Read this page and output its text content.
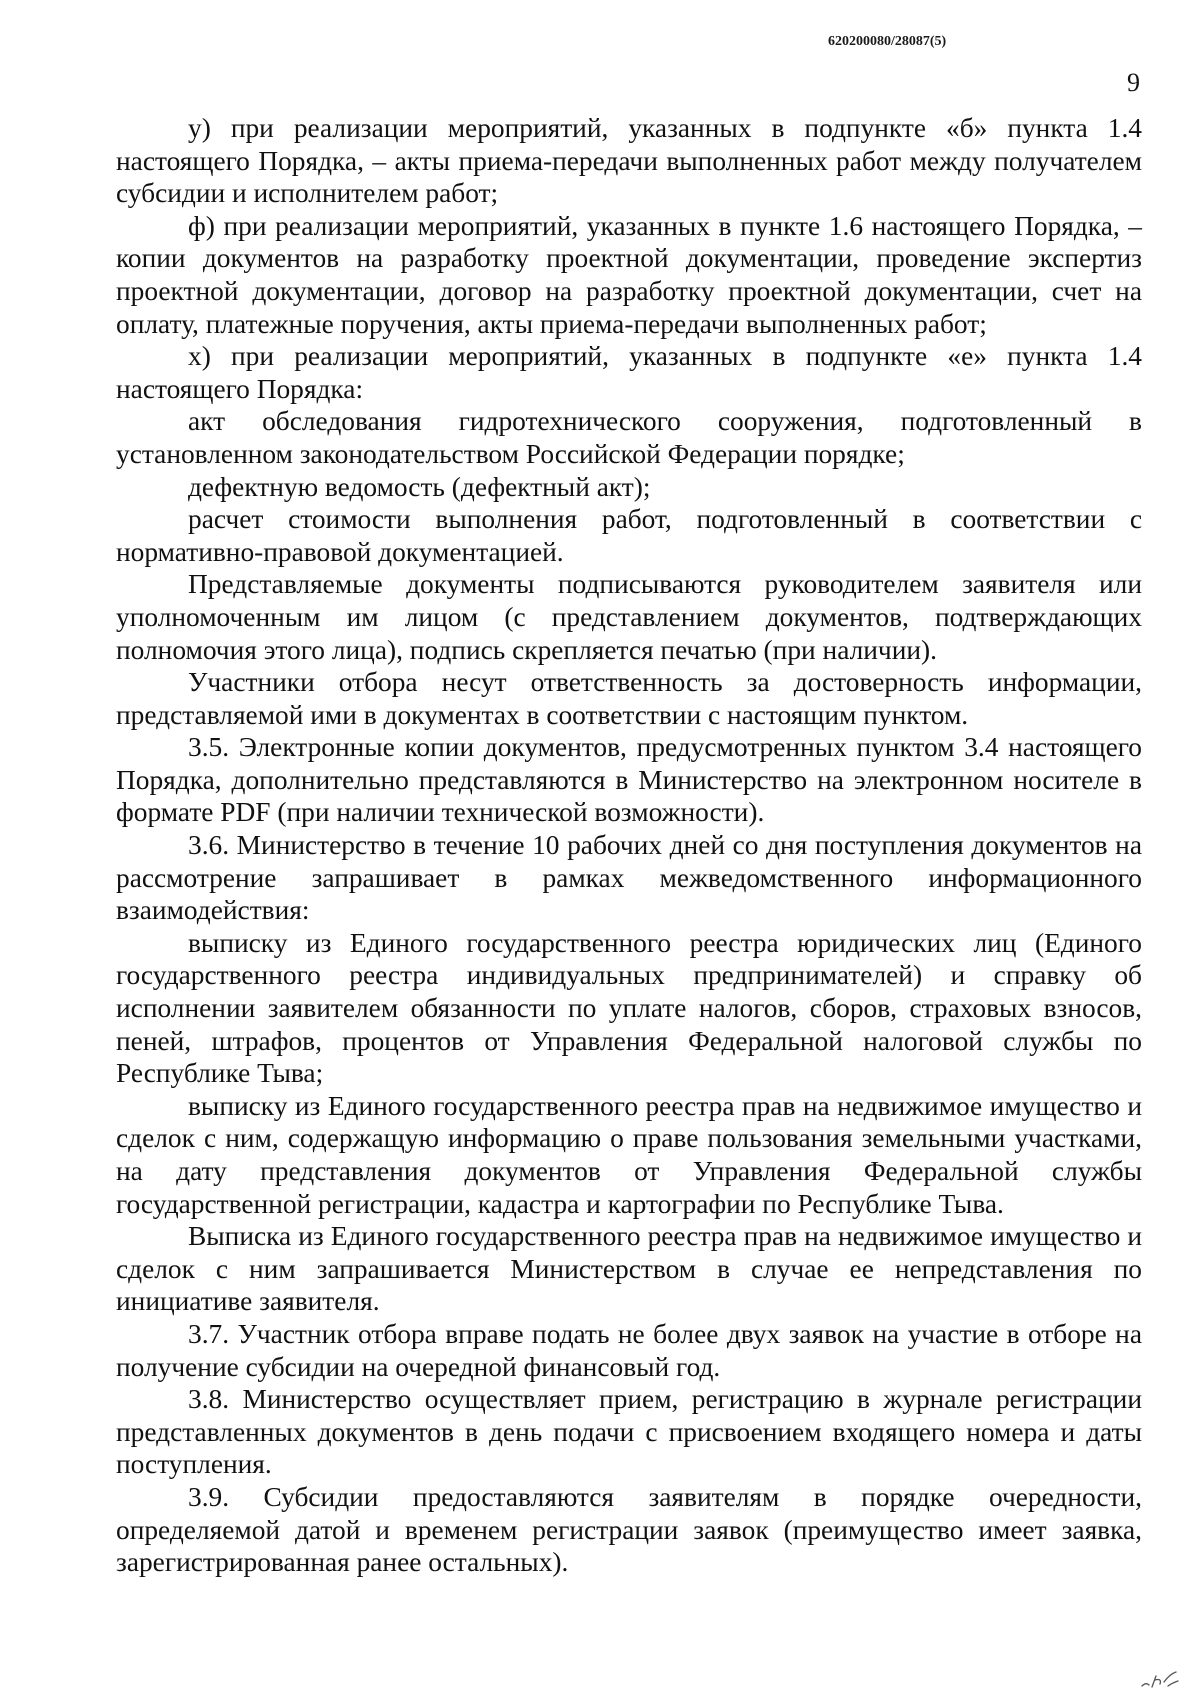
620200080/28087(5)
9

у) при реализации мероприятий, указанных в подпункте «б» пункта 1.4 настоящего Порядка, – акты приема-передачи выполненных работ между получателем субсидии и исполнителем работ;

ф) при реализации мероприятий, указанных в пункте 1.6 настоящего Порядка, – копии документов на разработку проектной документации, проведение экспертиз проектной документации, договор на разработку проектной документации, счет на оплату, платежные поручения, акты приема-передачи выполненных работ;

х) при реализации мероприятий, указанных в подпункте «е» пункта 1.4 настоящего Порядка:

акт обследования гидротехнического сооружения, подготовленный в установленном законодательством Российской Федерации порядке;

дефектную ведомость (дефектный акт);

расчет стоимости выполнения работ, подготовленный в соответствии с нормативно-правовой документацией.

Представляемые документы подписываются руководителем заявителя или уполномоченным им лицом (с представлением документов, подтверждающих полномочия этого лица), подпись скрепляется печатью (при наличии).

Участники отбора несут ответственность за достоверность информации, представляемой ими в документах в соответствии с настоящим пунктом.

3.5. Электронные копии документов, предусмотренных пунктом 3.4 настоящего Порядка, дополнительно представляются в Министерство на электронном носителе в формате PDF (при наличии технической возможности).

3.6. Министерство в течение 10 рабочих дней со дня поступления документов на рассмотрение запрашивает в рамках межведомственного информационного взаимодействия:

выписку из Единого государственного реестра юридических лиц (Единого государственного реестра индивидуальных предпринимателей) и справку об исполнении заявителем обязанности по уплате налогов, сборов, страховых взносов, пеней, штрафов, процентов от Управления Федеральной налоговой службы по Республике Тыва;

выписку из Единого государственного реестра прав на недвижимое имущество и сделок с ним, содержащую информацию о праве пользования земельными участками, на дату представления документов от Управления Федеральной службы государственной регистрации, кадастра и картографии по Республике Тыва.

Выписка из Единого государственного реестра прав на недвижимое имущество и сделок с ним запрашивается Министерством в случае ее непредставления по инициативе заявителя.

3.7. Участник отбора вправе подать не более двух заявок на участие в отборе на получение субсидии на очередной финансовый год.

3.8. Министерство осуществляет прием, регистрацию в журнале регистрации представленных документов в день подачи с присвоением входящего номера и даты поступления.

3.9. Субсидии предоставляются заявителям в порядке очередности, определяемой датой и временем регистрации заявок (преимущество имеет заявка, зарегистрированная ранее остальных).
